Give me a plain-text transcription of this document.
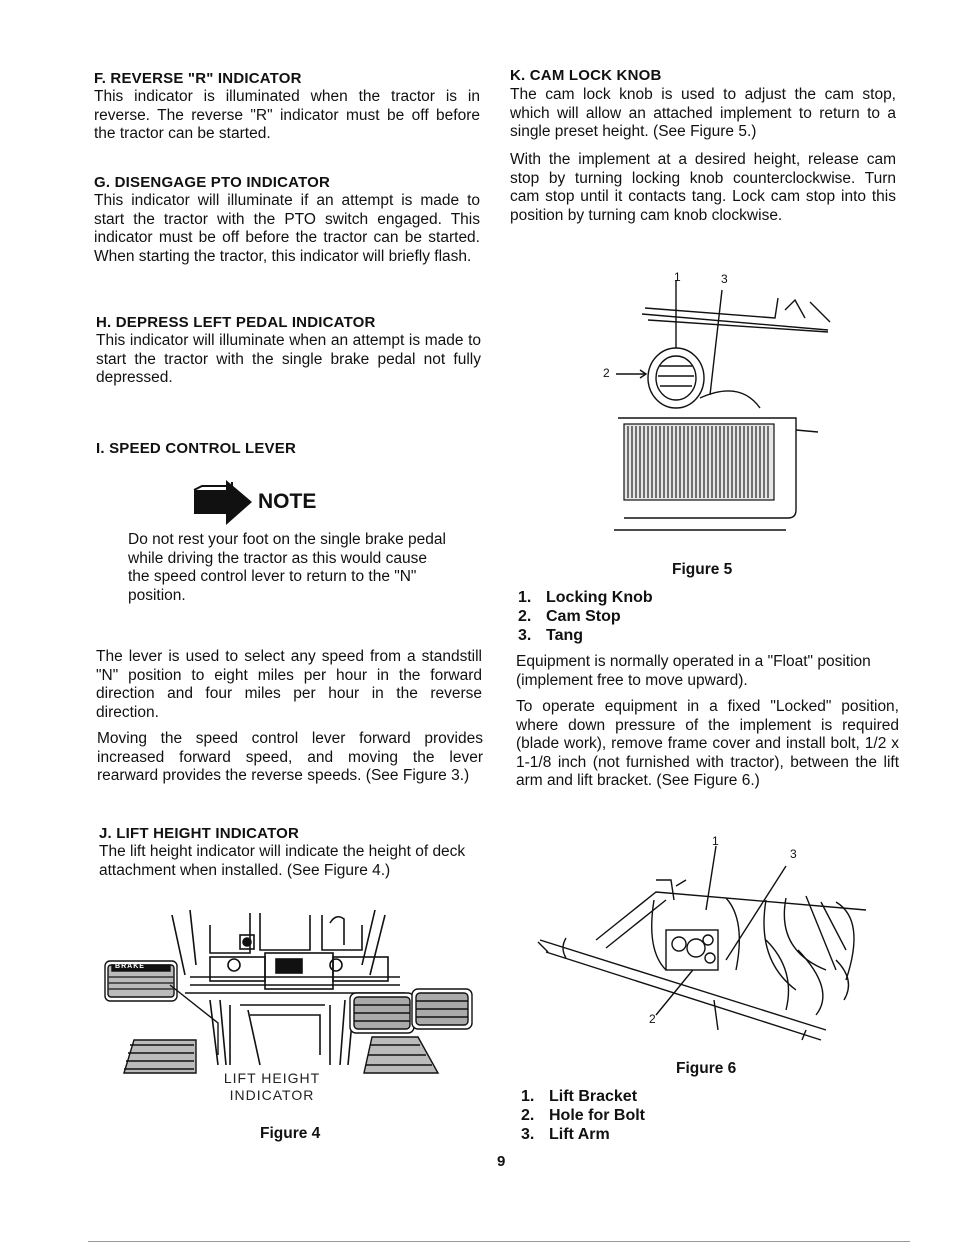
F. REVERSE "R" INDICATOR
This indicator is illuminated when the tractor is in reverse. The reverse "R" indicator must be off before the tractor can be started.
G. DISENGAGE PTO INDICATOR
This indicator will illuminate if an attempt is made to start the tractor with the PTO switch engaged. This indicator must be off before the tractor can be started. When starting the tractor, this indicator will briefly flash.
H. DEPRESS LEFT PEDAL INDICATOR
This indicator will illuminate when an attempt is made to start the tractor with the single brake pedal not fully depressed.
I. SPEED CONTROL LEVER
NOTE
Do not rest your foot on the single brake pedal while driving the tractor as this would cause the speed control lever to return to the "N" position.
The lever is used to select any speed from a standstill "N" position to eight miles per hour in the forward direction and four miles per hour in the reverse direction.
Moving the speed control lever forward provides increased forward speed, and moving the lever rearward provides the reverse speeds. (See Figure 3.)
J. LIFT HEIGHT INDICATOR
The lift height indicator will indicate the height of deck attachment when installed. (See Figure 4.)
BRAKE
LIFT HEIGHT
INDICATOR
Figure 4
K. CAM LOCK KNOB
The cam lock knob is used to adjust the cam stop, which will allow an attached implement to return to a single preset height. (See Figure 5.)
With the implement at a desired height, release cam stop by turning locking knob counterclockwise. Turn cam stop until it contacts tang. Lock cam stop into this position by turning cam knob clockwise.
1
2
3
Figure 5
1. Locking Knob
2. Cam Stop
3. Tang
Equipment is normally operated in a "Float" position (implement free to move upward).
To operate equipment in a fixed "Locked" position, where down pressure of the implement is required (blade work), remove frame cover and install bolt, 1/2 x 1-1/8 inch (not furnished with tractor), between the lift arm and lift bracket. (See Figure 6.)
1
2
3
Figure 6
1. Lift Bracket
2. Hole for Bolt
3. Lift Arm
9
